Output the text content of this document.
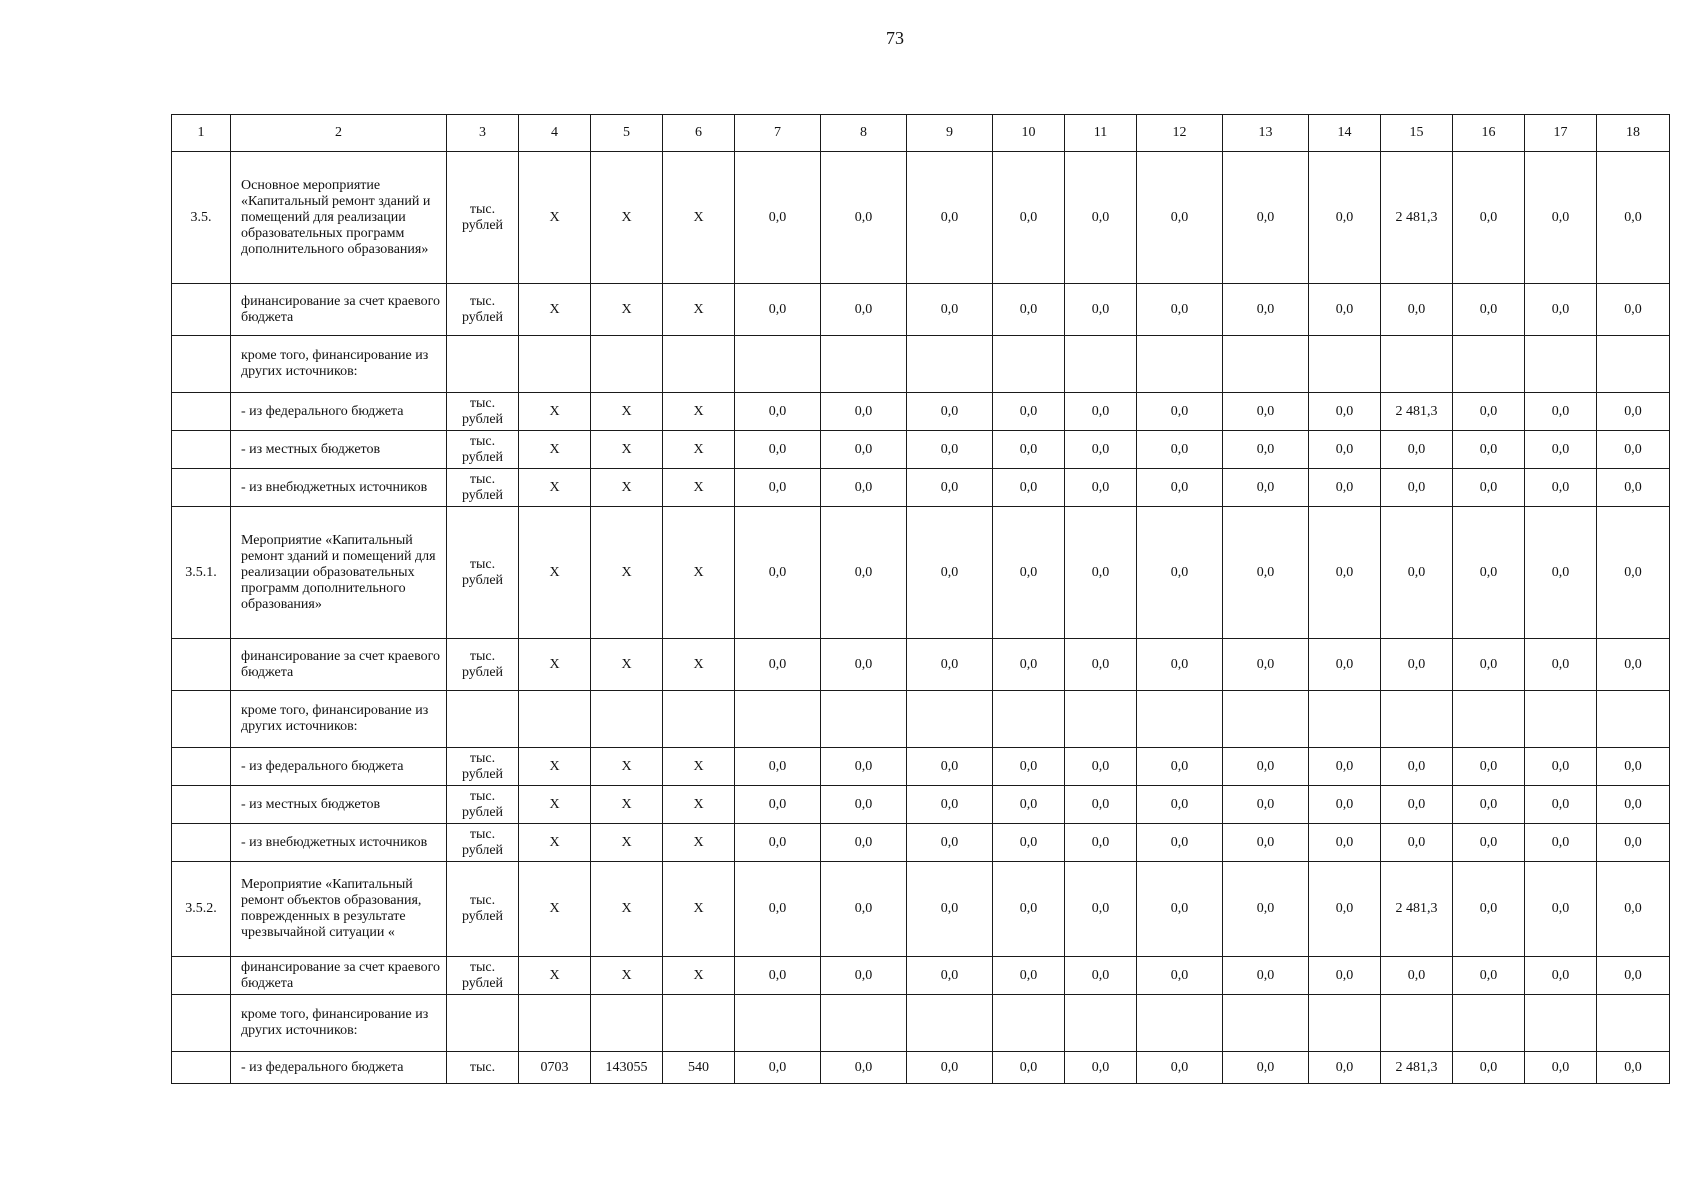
73
1	2	3	4	5	6	7	8	9	10	11	12	13	14	15	16	17	18
3.5.	Основное мероприятие «Капитальный ремонт зданий и помещений для реализации образовательных программ дополнительного образования»	тыс. рублей	X	X	X	0,0	0,0	0,0	0,0	0,0	0,0	0,0	0,0	2 481,3	0,0	0,0	0,0
	финансирование за счет краевого бюджета	тыс. рублей	X	X	X	0,0	0,0	0,0	0,0	0,0	0,0	0,0	0,0	0,0	0,0	0,0	0,0
	кроме того, финансирование из других источников:																
	- из федерального бюджета	тыс. рублей	X	X	X	0,0	0,0	0,0	0,0	0,0	0,0	0,0	0,0	2 481,3	0,0	0,0	0,0
	- из местных бюджетов	тыс. рублей	X	X	X	0,0	0,0	0,0	0,0	0,0	0,0	0,0	0,0	0,0	0,0	0,0	0,0
	- из внебюджетных источников	тыс. рублей	X	X	X	0,0	0,0	0,0	0,0	0,0	0,0	0,0	0,0	0,0	0,0	0,0	0,0
3.5.1.	Мероприятие «Капитальный ремонт зданий и помещений для реализации образовательных программ дополнительного образования»	тыс. рублей	X	X	X	0,0	0,0	0,0	0,0	0,0	0,0	0,0	0,0	0,0	0,0	0,0	0,0
	финансирование за счет краевого бюджета	тыс. рублей	X	X	X	0,0	0,0	0,0	0,0	0,0	0,0	0,0	0,0	0,0	0,0	0,0	0,0
	кроме того, финансирование из других источников:																
	- из федерального бюджета	тыс. рублей	X	X	X	0,0	0,0	0,0	0,0	0,0	0,0	0,0	0,0	0,0	0,0	0,0	0,0
	- из местных бюджетов	тыс. рублей	X	X	X	0,0	0,0	0,0	0,0	0,0	0,0	0,0	0,0	0,0	0,0	0,0	0,0
	- из внебюджетных источников	тыс. рублей	X	X	X	0,0	0,0	0,0	0,0	0,0	0,0	0,0	0,0	0,0	0,0	0,0	0,0
3.5.2.	Мероприятие «Капитальный ремонт объектов образования, поврежденных в результате чрезвычайной ситуации «	тыс. рублей	X	X	X	0,0	0,0	0,0	0,0	0,0	0,0	0,0	0,0	2 481,3	0,0	0,0	0,0
	финансирование за счет краевого бюджета	тыс. рублей	X	X	X	0,0	0,0	0,0	0,0	0,0	0,0	0,0	0,0	0,0	0,0	0,0	0,0
	кроме того, финансирование из других источников:																
	- из федерального бюджета	тыс.	0703	143055	540	0,0	0,0	0,0	0,0	0,0	0,0	0,0	0,0	2 481,3	0,0	0,0	0,0
